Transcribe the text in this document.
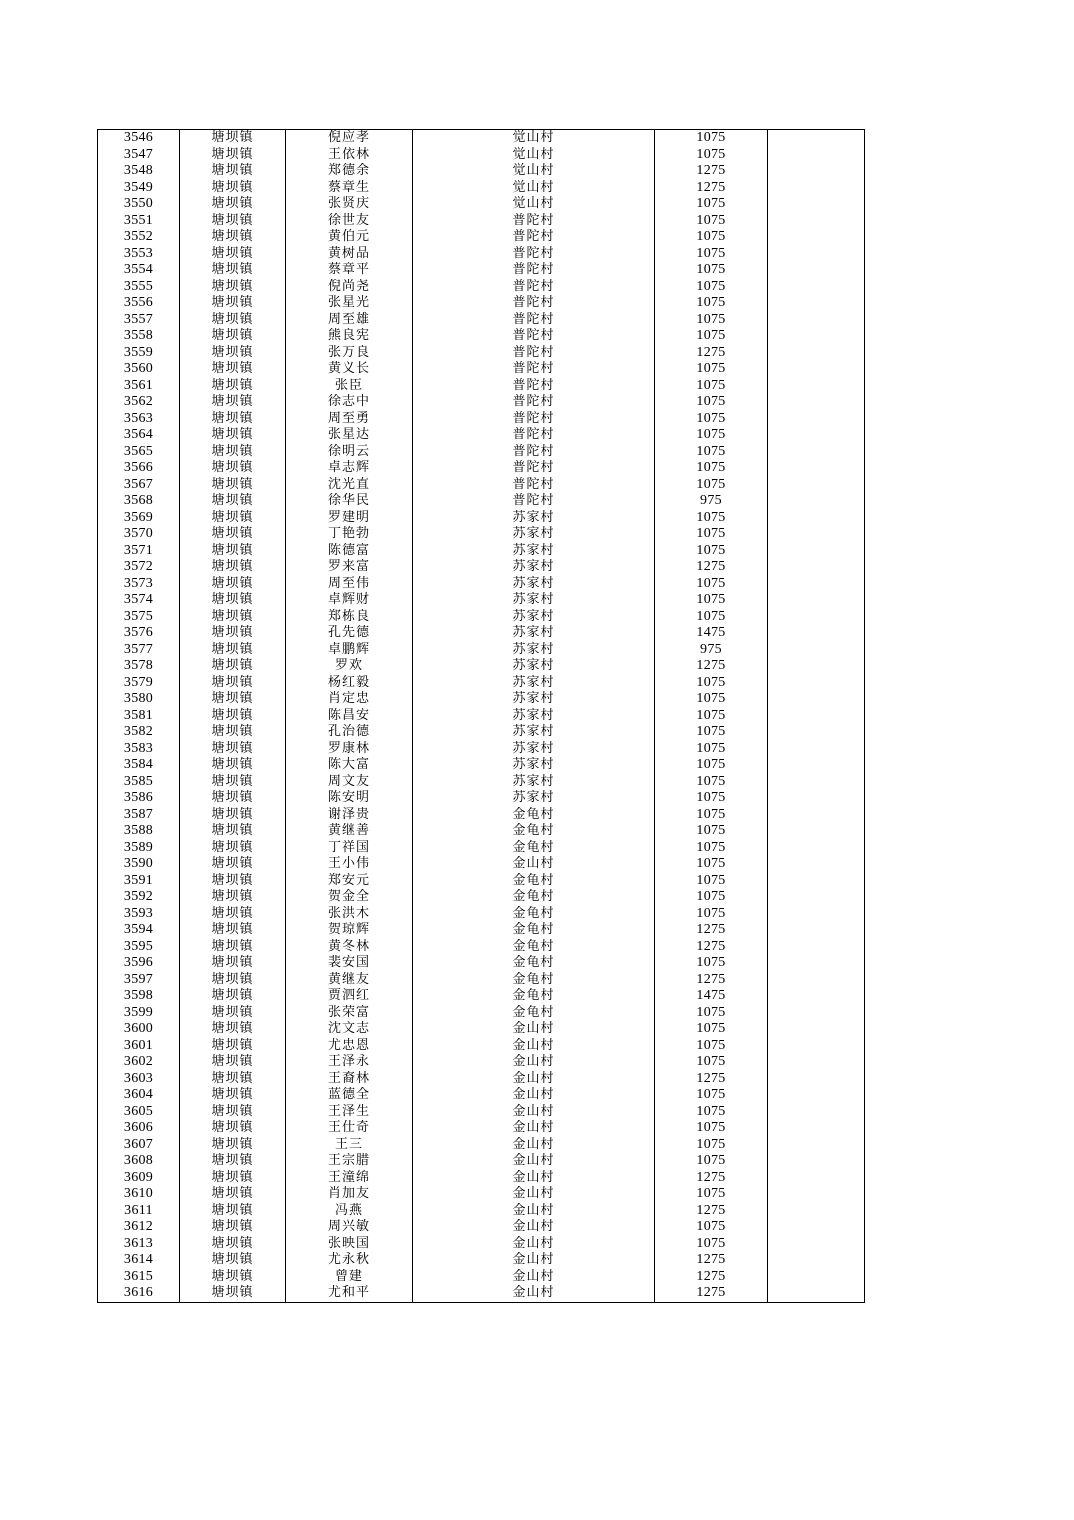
3546	塘坝镇	倪应孝	觉山村	1075	
3547	塘坝镇	王依林	觉山村	1075	
3548	塘坝镇	郑德余	觉山村	1275	
3549	塘坝镇	蔡章生	觉山村	1275	
3550	塘坝镇	张贤庆	觉山村	1075	
3551	塘坝镇	徐世友	普陀村	1075	
3552	塘坝镇	黄伯元	普陀村	1075	
3553	塘坝镇	黄树品	普陀村	1075	
3554	塘坝镇	蔡章平	普陀村	1075	
3555	塘坝镇	倪尚尧	普陀村	1075	
3556	塘坝镇	张星光	普陀村	1075	
3557	塘坝镇	周至雄	普陀村	1075	
3558	塘坝镇	熊良宪	普陀村	1075	
3559	塘坝镇	张万良	普陀村	1275	
3560	塘坝镇	黄义长	普陀村	1075	
3561	塘坝镇	张臣	普陀村	1075	
3562	塘坝镇	徐志中	普陀村	1075	
3563	塘坝镇	周至勇	普陀村	1075	
3564	塘坝镇	张星达	普陀村	1075	
3565	塘坝镇	徐明云	普陀村	1075	
3566	塘坝镇	卓志辉	普陀村	1075	
3567	塘坝镇	沈光直	普陀村	1075	
3568	塘坝镇	徐华民	普陀村	975	
3569	塘坝镇	罗建明	苏家村	1075	
3570	塘坝镇	丁艳勃	苏家村	1075	
3571	塘坝镇	陈德富	苏家村	1075	
3572	塘坝镇	罗来富	苏家村	1275	
3573	塘坝镇	周至伟	苏家村	1075	
3574	塘坝镇	卓辉财	苏家村	1075	
3575	塘坝镇	郑栋良	苏家村	1075	
3576	塘坝镇	孔先德	苏家村	1475	
3577	塘坝镇	卓鹏辉	苏家村	975	
3578	塘坝镇	罗欢	苏家村	1275	
3579	塘坝镇	杨红毅	苏家村	1075	
3580	塘坝镇	肖定忠	苏家村	1075	
3581	塘坝镇	陈昌安	苏家村	1075	
3582	塘坝镇	孔治德	苏家村	1075	
3583	塘坝镇	罗康林	苏家村	1075	
3584	塘坝镇	陈大富	苏家村	1075	
3585	塘坝镇	周文友	苏家村	1075	
3586	塘坝镇	陈安明	苏家村	1075	
3587	塘坝镇	谢泽贵	金龟村	1075	
3588	塘坝镇	黄继善	金龟村	1075	
3589	塘坝镇	丁祥国	金龟村	1075	
3590	塘坝镇	王小伟	金山村	1075	
3591	塘坝镇	郑安元	金龟村	1075	
3592	塘坝镇	贺金全	金龟村	1075	
3593	塘坝镇	张洪木	金龟村	1075	
3594	塘坝镇	贺琼辉	金龟村	1275	
3595	塘坝镇	黄冬林	金龟村	1275	
3596	塘坝镇	裴安国	金龟村	1075	
3597	塘坝镇	黄继友	金龟村	1275	
3598	塘坝镇	贾泗红	金龟村	1475	
3599	塘坝镇	张荣富	金龟村	1075	
3600	塘坝镇	沈文志	金山村	1075	
3601	塘坝镇	尤忠恩	金山村	1075	
3602	塘坝镇	王泽永	金山村	1075	
3603	塘坝镇	王裔林	金山村	1275	
3604	塘坝镇	蓝德全	金山村	1075	
3605	塘坝镇	王泽生	金山村	1075	
3606	塘坝镇	王仕奇	金山村	1075	
3607	塘坝镇	王三	金山村	1075	
3608	塘坝镇	王宗腊	金山村	1075	
3609	塘坝镇	王潼绵	金山村	1275	
3610	塘坝镇	肖加友	金山村	1075	
3611	塘坝镇	冯燕	金山村	1275	
3612	塘坝镇	周兴敏	金山村	1075	
3613	塘坝镇	张映国	金山村	1075	
3614	塘坝镇	尤永秋	金山村	1275	
3615	塘坝镇	曾建	金山村	1275	
3616	塘坝镇	尤和平	金山村	1275	
